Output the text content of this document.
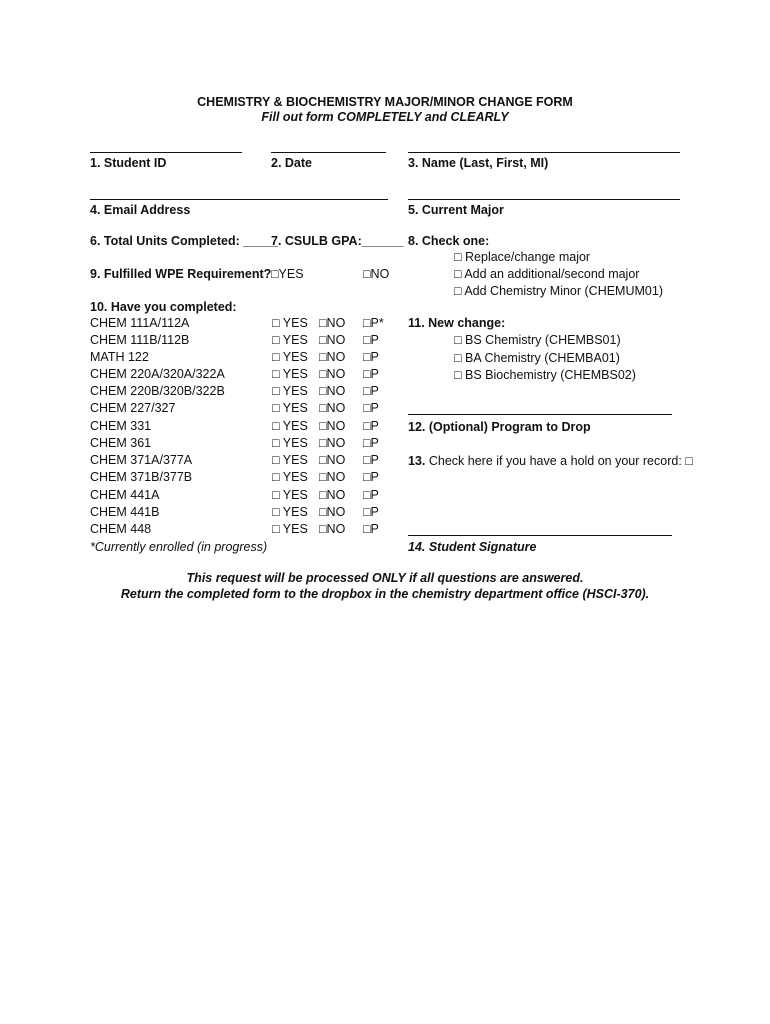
CHEMISTRY & BIOCHEMISTRY MAJOR/MINOR CHANGE FORM
Fill out form COMPLETELY and CLEARLY
1. Student ID	2. Date	3. Name (Last, First, MI)
4. Email Address	5. Current Major
6. Total Units Completed: _____
7. CSULB GPA:______ 8. Check one:
□ Replace/change major
□ Add an additional/second major
□ Add Chemistry Minor (CHEMUM01)
9. Fulfilled WPE Requirement? □YES	□NO
10. Have you completed:
CHEM 111A/112A	□ YES □NO □P*
CHEM 111B/112B	□ YES □NO □P
MATH 122	□ YES □NO □P
CHEM 220A/320A/322A	□ YES □NO □P
CHEM 220B/320B/322B	□ YES □NO □P
CHEM 227/327	□ YES □NO □P
CHEM 331	□ YES □NO □P
CHEM 361	□ YES □NO □P
CHEM 371A/377A	□ YES □NO □P
CHEM 371B/377B	□ YES □NO □P
CHEM 441A	□ YES □NO □P
CHEM 441B	□ YES □NO □P
CHEM 448	□ YES □NO □P
*Currently enrolled (in progress)
11. New change:
□ BS Chemistry (CHEMBS01)
□ BA Chemistry (CHEMBA01)
□ BS Biochemistry (CHEMBS02)
12. (Optional) Program to Drop
13. Check here if you have a hold on your record: □
14. Student Signature
This request will be processed ONLY if all questions are answered.
Return the completed form to the dropbox in the chemistry department office (HSCI-370).
